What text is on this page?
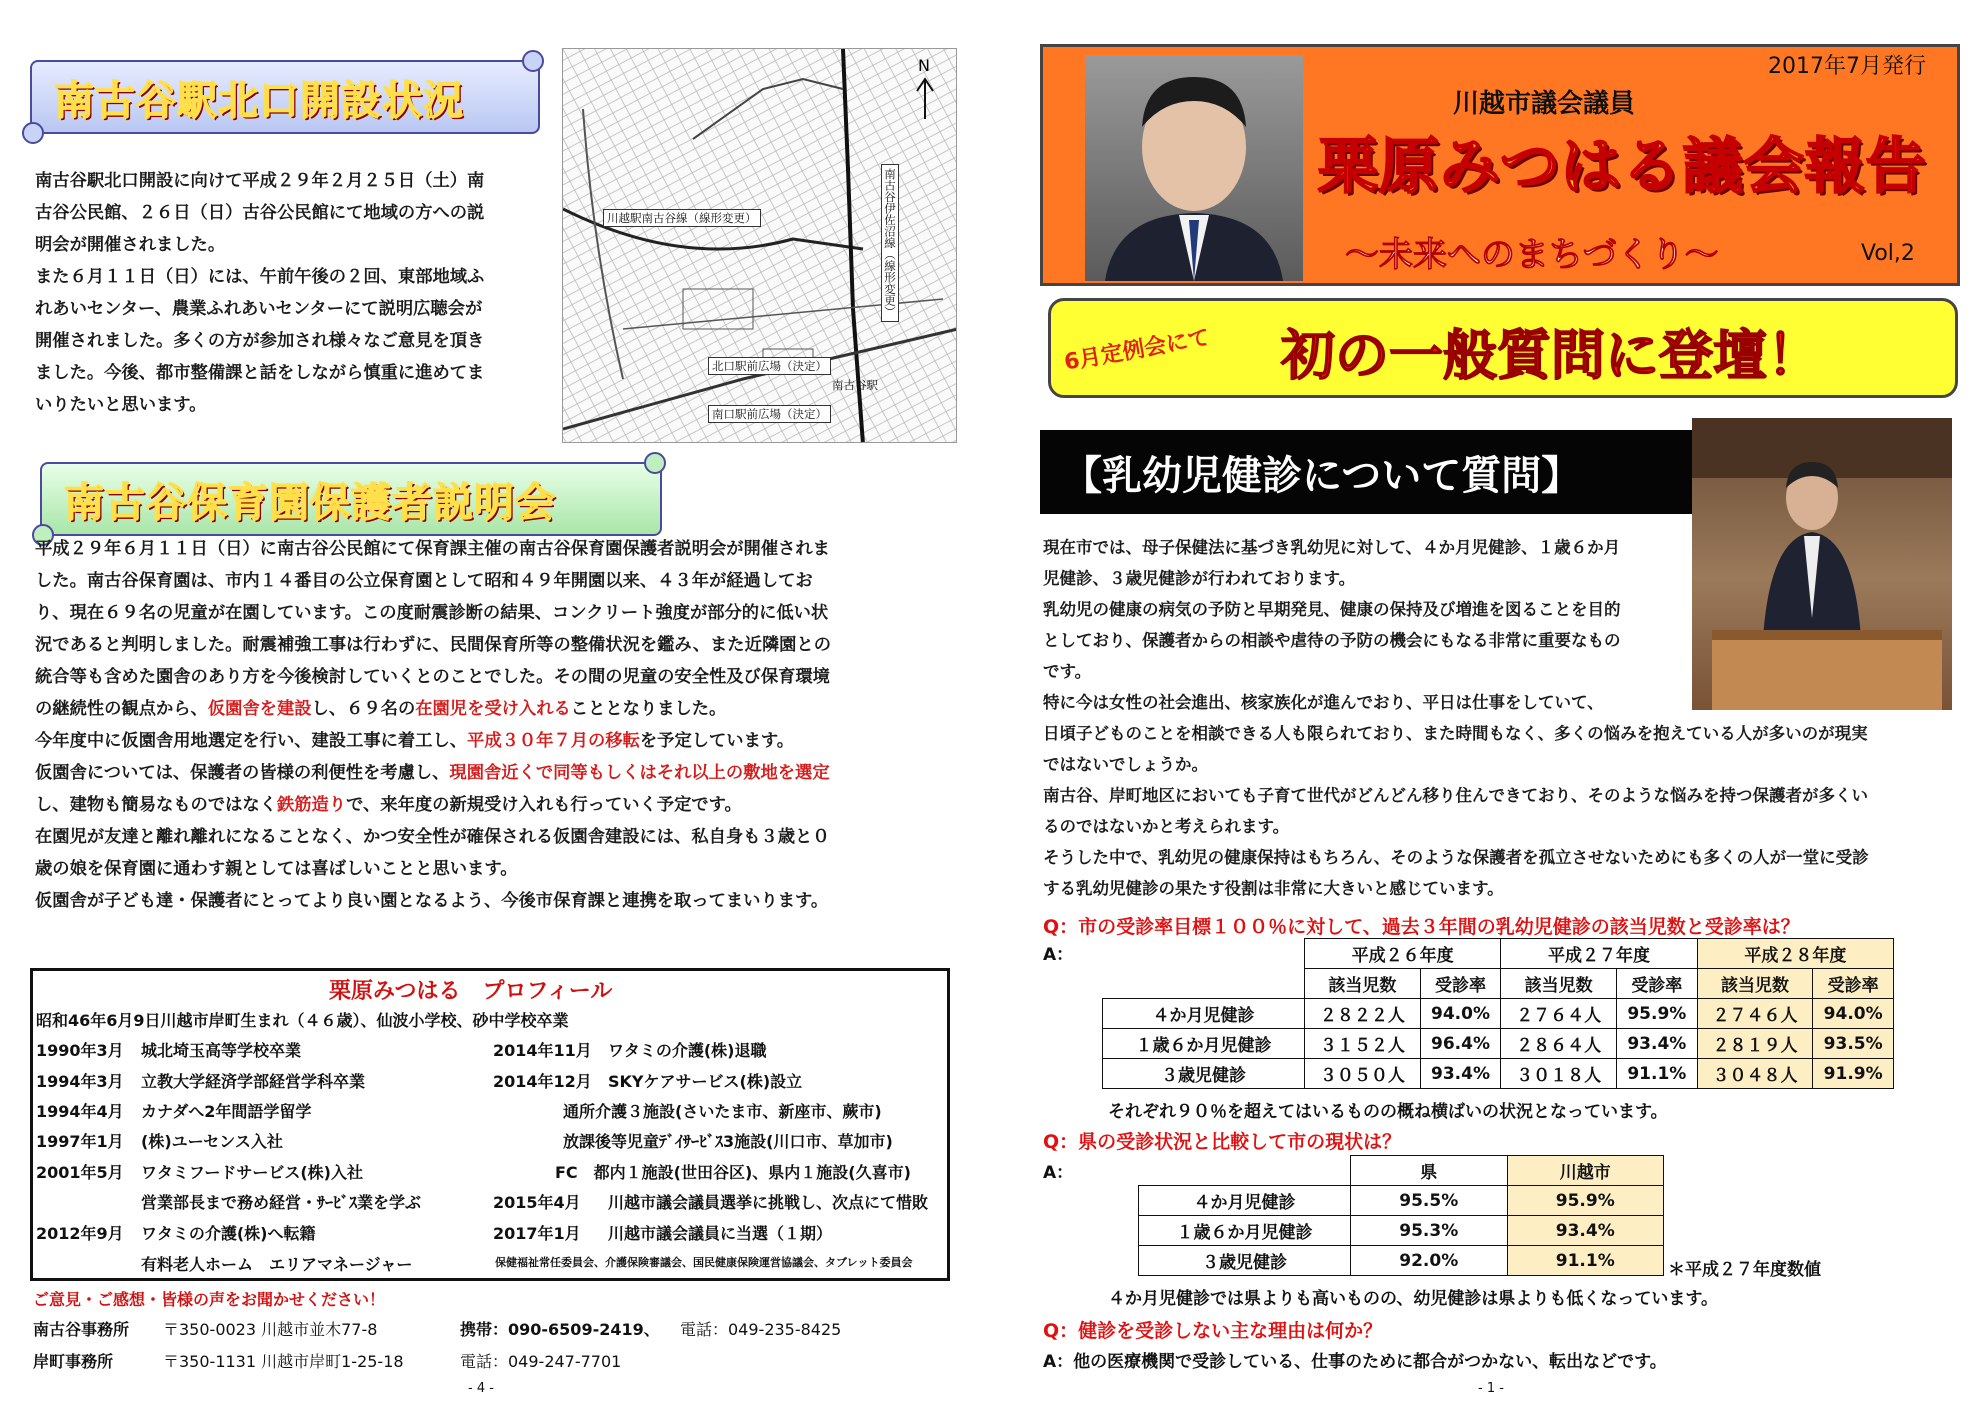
南古谷駅北口開設状況

南古谷駅北口開設に向けて平成２９年２月２５日（土）南

古谷公民館、２６日（日）古谷公民館にて地域の方への説

明会が開催されました。

また６月１１日（日）には、午前午後の２回、東部地域ふ

れあいセンター、農業ふれあいセンターにて説明広聴会が

開催されました。多くの方が参加され様々なご意見を頂き

ました。今後、都市整備課と話をしながら慎重に進めてま

いりたいと思います。

N
川越駅南古谷線（線形変更）	南古谷伊佐沼線（線形変更）
北口駅前広場（決定）
南口駅前広場（決定）
南古谷駅
南古谷保育園保護者説明会

平成２９年６月１１日（日）に南古谷公民館にて保育課主催の南古谷保育園保護者説明会が開催されま

した。南古谷保育園は、市内１４番目の公立保育園として昭和４９年開園以来、４３年が経過してお

り、現在６９名の児童が在園しています。この度耐震診断の結果、コンクリート強度が部分的に低い状

況であると判明しました。耐震補強工事は行わずに、民間保育所等の整備状況を鑑み、また近隣園との

統合等も含めた園舎のあり方を今後検討していくとのことでした。その間の児童の安全性及び保育環境

の継続性の観点から、仮園舎を建設し、６９名の在園児を受け入れることとなりました。

今年度中に仮園舎用地選定を行い、建設工事に着工し、平成３０年７月の移転を予定しています。

仮園舎については、保護者の皆様の利便性を考慮し、現園舎近くで同等もしくはそれ以上の敷地を選定

し、建物も簡易なものではなく鉄筋造りで、来年度の新規受け入れも行っていく予定です。

在園児が友達と離れ離れになることなく、かつ安全性が確保される仮園舎建設には、私自身も３歳と０

歳の娘を保育園に通わす親としては喜ばしいことと思います。

仮園舎が子ども達・保護者にとってより良い園となるよう、今後市保育課と連携を取ってまいります。

栗原みつはる　プロフィール
昭和46年6月9日川越市岸町生まれ（４６歳）、仙波小学校、砂中学校卒業
1990年3月 城北埼玉高等学校卒業
1994年3月 立教大学経済学部経営学科卒業
1994年4月 カナダへ2年間語学留学
1997年1月 (株)ユーセンス入社
2001年5月 ワタミフードサービス(株)入社
営業部長まで務め経営・ｻｰﾋﾞｽ業を学ぶ
2012年9月 ワタミの介護(株)へ転籍
有料老人ホーム　エリアマネージャー
2014年11月 ワタミの介護(株)退職
2014年12月 SKYケアサービス(株)設立
通所介護３施設(さいたま市、新座市、蕨市)
放課後等児童ﾃﾞｲｻｰﾋﾞｽ3施設(川口市、草加市)
FC　都内１施設(世田谷区)、県内１施設(久喜市)
2015年4月 川越市議会議員選挙に挑戦し、次点にて惜敗
2017年1月 川越市議会議員に当選（１期）
保健福祉常任委員会、介護保険審議会、国民健康保険運営協議会、タブレット委員会
ご意見・ご感想・皆様の声をお聞かせください！
南古谷事務所 〒350-0023 川越市並木77-8	携帯：090-6509-2419、 電話：049-235-8425
岸町事務所	〒350-1131 川越市岸町1-25-18	電話：049-247-7701
- 4 -
2017年7月発行
川越市議会議員
栗原みつはる議会報告
～未来へのまちづくり～	Vol,2
6月定例会にて 初の一般質問に登壇！
【乳幼児健診について質問】

現在市では、母子保健法に基づき乳幼児に対して、４か月児健診、１歳６か月

児健診、３歳児健診が行われております。

乳幼児の健康の病気の予防と早期発見、健康の保持及び増進を図ることを目的

としており、保護者からの相談や虐待の予防の機会にもなる非常に重要なもの

です。

特に今は女性の社会進出、核家族化が進んでおり、平日は仕事をしていて、

日頃子どものことを相談できる人も限られており、また時間もなく、多くの悩みを抱えている人が多いのが現実

ではないでしょうか。

南古谷、岸町地区においても子育て世代がどんどん移り住んできており、そのような悩みを持つ保護者が多くい

るのではないかと考えられます。

そうした中で、乳幼児の健康保持はもちろん、そのような保護者を孤立させないためにも多くの人が一堂に受診

する乳幼児健診の果たす役割は非常に大きいと感じています。

Q：市の受診率目標１００％に対して、過去３年間の乳幼児健診の該当児数と受診率は？
A：
		平成２６年度		平成２７年度		平成２８年度	
	該当児数	受診率	該当児数	受診率	該当児数	受診率
４か月児健診	２８２２人	94.0%	２７６４人	95.9%	２７４６人	94.0%
１歳６か月児健診	３１５２人	96.4%	２８６４人	93.4%	２８１９人	93.5%
３歳児健診	３０５０人	93.4%	３０１８人	91.1%	３０４８人	91.9%
それぞれ９０％を超えてはいるものの概ね横ばいの状況となっています。
Q：県の受診状況と比較して市の現状は？
A：
		県	川越市
４か月児健診	95.5%	95.9%
１歳６か月児健診	95.3%	93.4%
３歳児健診	92.0%	91.1%	＊平成２７年度数値
４か月児健診では県よりも高いものの、幼児健診は県よりも低くなっています。
Q：健診を受診しない主な理由は何か？
A：他の医療機関で受診している、仕事のために都合がつかない、転出などです。
- 1 -
